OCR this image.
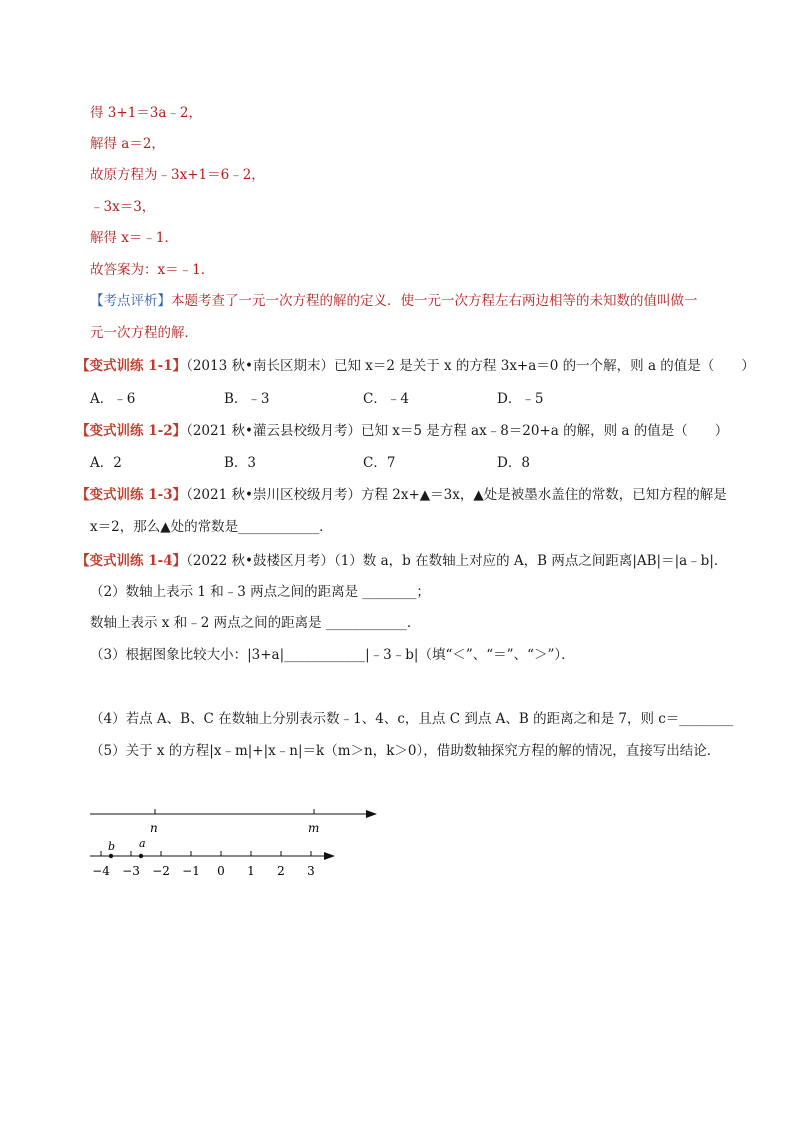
得 3+1＝3a﹣2，
解得 a＝2，
故原方程为﹣3x+1＝6﹣2，
﹣3x＝3，
解得 x＝﹣1．
故答案为：x＝﹣1．
【考点评析】本题考查了一元一次方程的解的定义．使一元一次方程左右两边相等的未知数的值叫做一
元一次方程的解．
【变式训练 1-1】（2013 秋•南长区期末）已知 x＝2 是关于 x 的方程 3x+a＝0 的一个解，则 a 的值是（　　）
A．﹣6	B．﹣3	C．﹣4	D．﹣5
【变式训练 1-2】（2021 秋•灌云县校级月考）已知 x＝5 是方程 ax﹣8＝20+a 的解，则 a 的值是（　　）
A．2	B．3	C．7	D．8
【变式训练 1-3】（2021 秋•崇川区校级月考）方程 2x+▲＝3x，▲处是被墨水盖住的常数，已知方程的解是
x＝2，那么▲处的常数是____________．
【变式训练 1-4】（2022 秋•鼓楼区月考）（1）数 a，b 在数轴上对应的 A，B 两点之间距离|AB|＝|a﹣b|．
（2）数轴上表示 1 和﹣3 两点之间的距离是 ________；
数轴上表示 x 和﹣2 两点之间的距离是 ____________．
（3）根据图象比较大小：|3+a|____________|﹣3﹣b|（填“＜”、“＝”、“＞”）．
（4）若点 A、B、C 在数轴上分别表示数﹣1、4、c，且点 C 到点 A、B 的距离之和是 7，则 c＝________
（5）关于 x 的方程|x﹣m|+|x﹣n|＝k（m＞n，k＞0），借助数轴探究方程的解的情况，直接写出结论．
n	m
−4 −3 −2 −1 0 1 2 3
b a
